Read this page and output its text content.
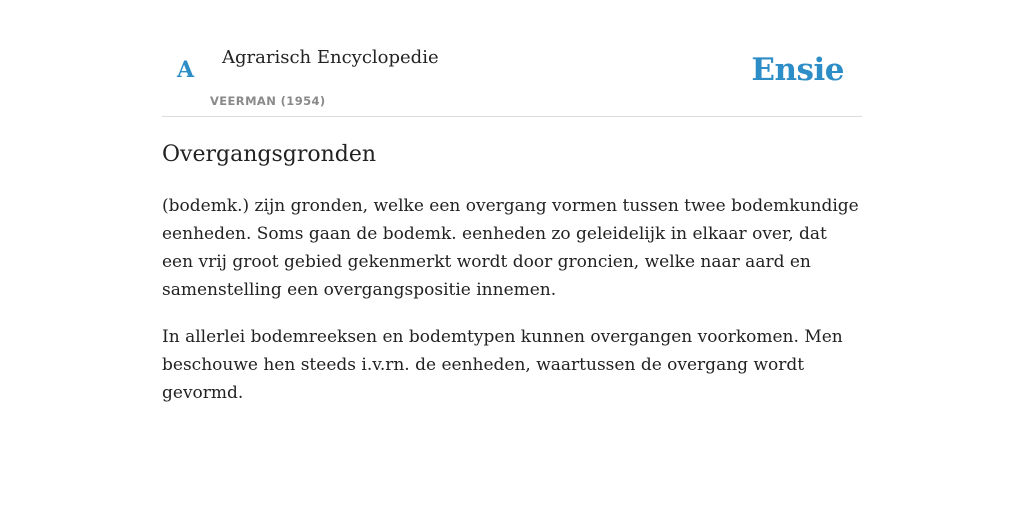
A Agrarisch Encyclopedie
VEERMAN (1954)
Ensie
Overgangsgronden

(bodemk.) zijn gronden, welke een overgang vormen tussen twee bodemkundige eenheden. Soms gaan de bodemk. eenheden zo geleidelijk in elkaar over, dat een vrij groot gebied gekenmerkt wordt door groncien, welke naar aard en samenstelling een overgangspositie innemen.

In allerlei bodemreeksen en bodemtypen kunnen overgangen voorkomen. Men beschouwe hen steeds i.v.rn. de eenheden, waartussen de overgang wordt gevormd.
